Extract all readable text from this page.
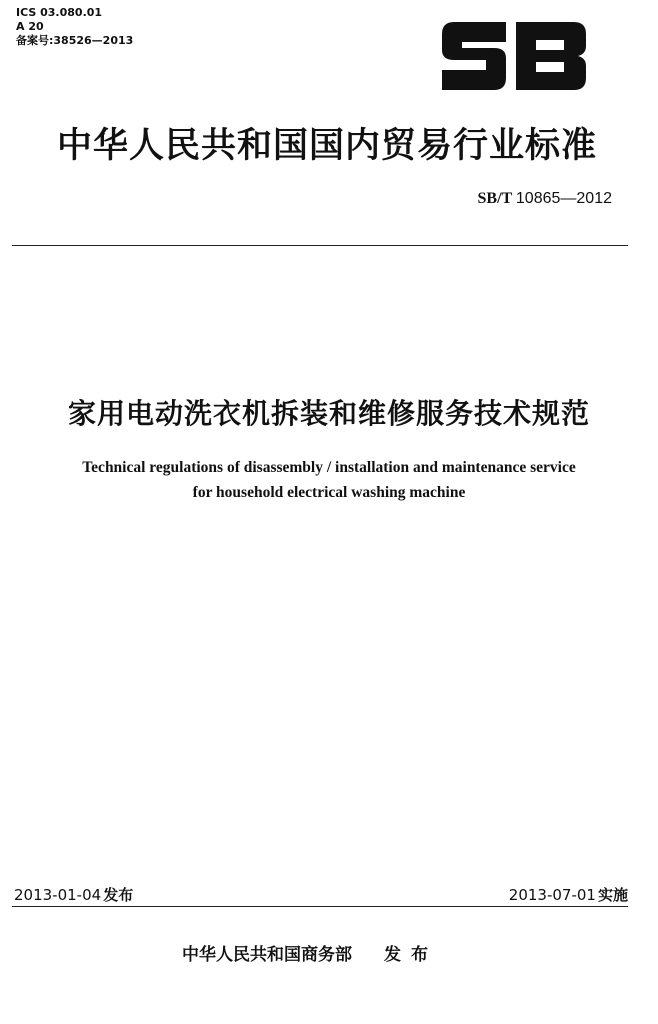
ICS 03.080.01
A 20
备案号:38526—2013
中华人民共和国国内贸易行业标准
SB/T 10865—2012
家用电动洗衣机拆装和维修服务技术规范
Technical regulations of disassembly / installation and maintenance service
for household electrical washing machine
2013-01-04 发布	2013-07-01 实施
中华人民共和国商务部 发布
